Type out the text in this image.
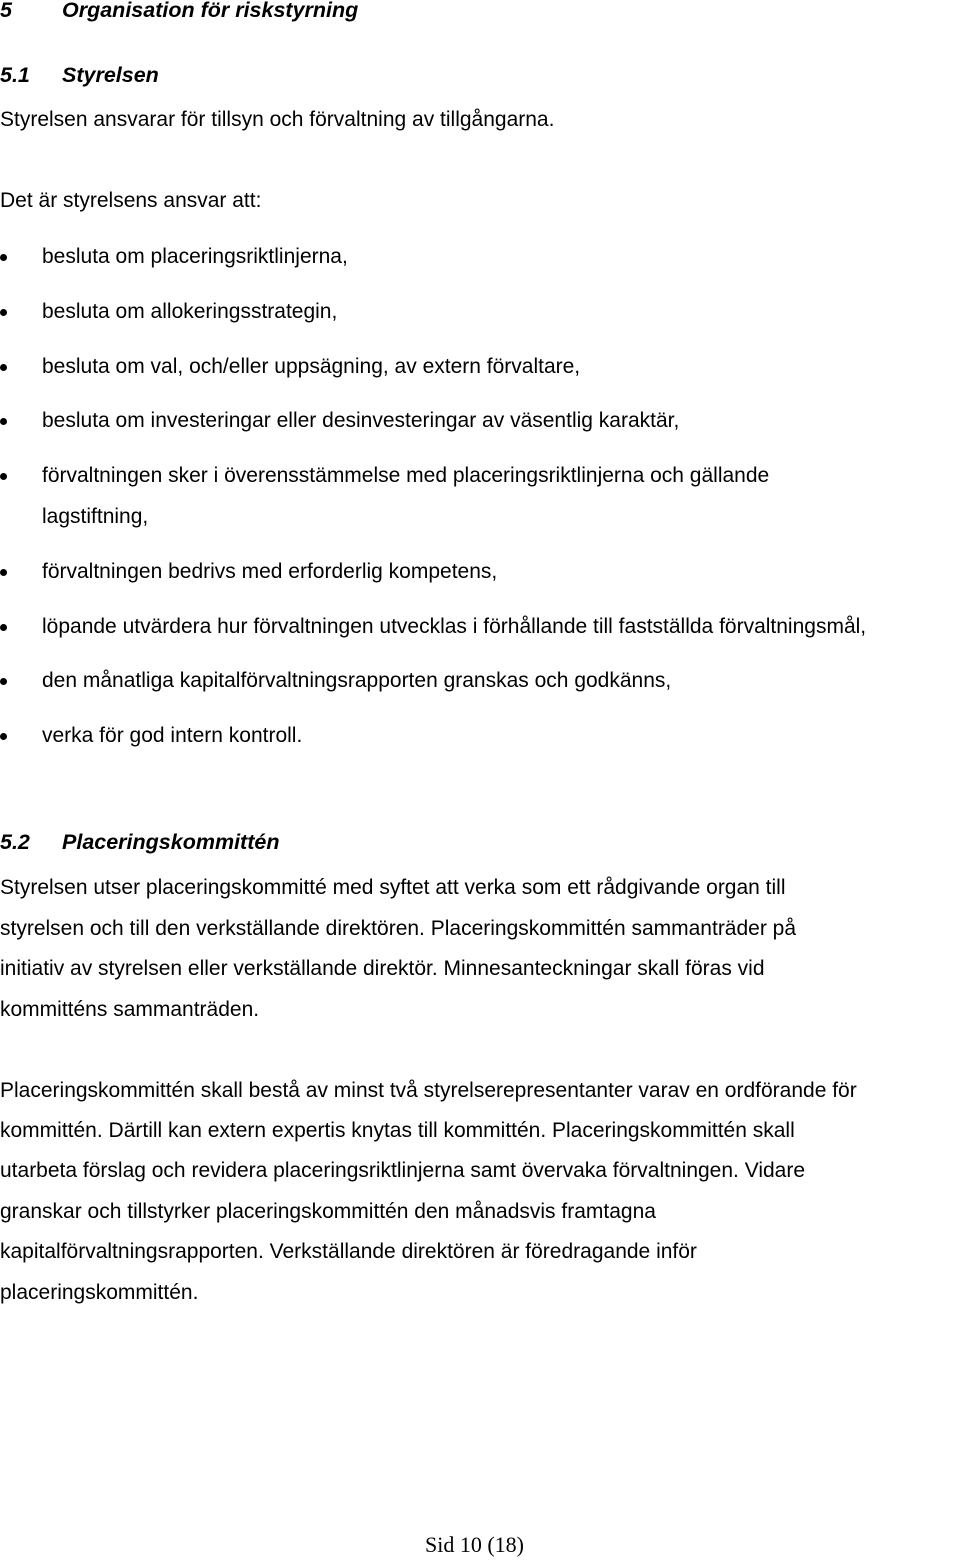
5 Organisation för riskstyrning
5.1 Styrelsen
Styrelsen ansvarar för tillsyn och förvaltning av tillgångarna.
Det är styrelsens ansvar att:
besluta om placeringsriktlinjerna,
besluta om allokeringsstrategin,
besluta om val, och/eller uppsägning, av extern förvaltare,
besluta om investeringar eller desinvesteringar av väsentlig karaktär,
förvaltningen sker i överensstämmelse med placeringsriktlinjerna och gällande
lagstiftning,
förvaltningen bedrivs med erforderlig kompetens,
löpande utvärdera hur förvaltningen utvecklas i förhållande till fastställda förvaltningsmål,
den månatliga kapitalförvaltningsrapporten granskas och godkänns,
verka för god intern kontroll.
5.2 Placeringskommittén
Styrelsen utser placeringskommitté med syftet att verka som ett rådgivande organ till
styrelsen och till den verkställande direktören. Placeringskommittén sammanträder på
initiativ av styrelsen eller verkställande direktör. Minnesanteckningar skall föras vid
kommitténs sammanträden.
Placeringskommittén skall bestå av minst två styrelserepresentanter varav en ordförande för
kommittén. Därtill kan extern expertis knytas till kommittén. Placeringskommittén skall
utarbeta förslag och revidera placeringsriktlinjerna samt övervaka förvaltningen. Vidare
granskar och tillstyrker placeringskommittén den månadsvis framtagna
kapitalförvaltningsrapporten. Verkställande direktören är föredragande inför
placeringskommittén.
Sid 10 (18)
